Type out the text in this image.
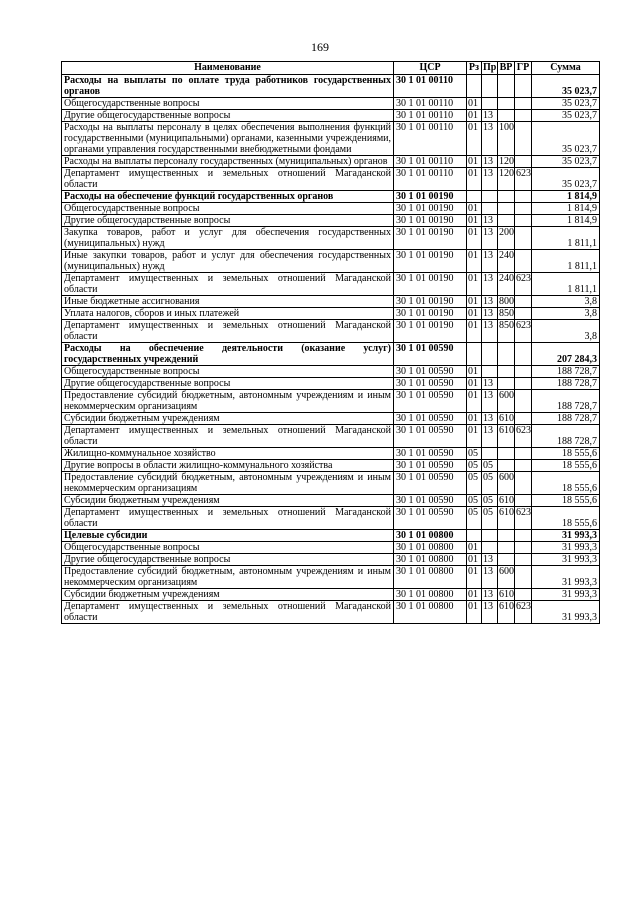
169
Наименование	ЦСР	Рз	Пр	ВР	ГР	Сумма
Расходы на выплаты по оплате труда работников государственных органов	30 1 01 00110					35 023,7
Общегосударственные вопросы	30 1 01 00110	01				35 023,7
Другие общегосударственные вопросы	30 1 01 00110	01	13			35 023,7
Расходы на выплаты персоналу в целях обеспечения выполнения функций государственными (муниципальными) органами, казенными учреждениями, органами управления государственными внебюджетными фондами	30 1 01 00110	01	13	100		35 023,7
Расходы на выплаты персоналу государственных (муниципальных) органов	30 1 01 00110	01	13	120		35 023,7
Департамент имущественных и земельных отношений Магаданской области	30 1 01 00110	01	13	120	623	35 023,7
Расходы на обеспечение функций государственных органов	30 1 01 00190					1 814,9
Общегосударственные вопросы	30 1 01 00190	01				1 814,9
Другие общегосударственные вопросы	30 1 01 00190	01	13			1 814,9
Закупка товаров, работ и услуг для обеспечения государственных (муниципальных) нужд	30 1 01 00190	01	13	200		1 811,1
Иные закупки товаров, работ и услуг для обеспечения государственных (муниципальных) нужд	30 1 01 00190	01	13	240		1 811,1
Департамент имущественных и земельных отношений Магаданской области	30 1 01 00190	01	13	240	623	1 811,1
Иные бюджетные ассигнования	30 1 01 00190	01	13	800		3,8
Уплата налогов, сборов и иных платежей	30 1 01 00190	01	13	850		3,8
Департамент имущественных и земельных отношений Магаданской области	30 1 01 00190	01	13	850	623	3,8
Расходы на обеспечение деятельности (оказание услуг) государственных учреждений	30 1 01 00590					207 284,3
Общегосударственные вопросы	30 1 01 00590	01				188 728,7
Другие общегосударственные вопросы	30 1 01 00590	01	13			188 728,7
Предоставление субсидий бюджетным, автономным учреждениям и иным некоммерческим организациям	30 1 01 00590	01	13	600		188 728,7
Субсидии бюджетным учреждениям	30 1 01 00590	01	13	610		188 728,7
Департамент имущественных и земельных отношений Магаданской области	30 1 01 00590	01	13	610	623	188 728,7
Жилищно-коммунальное хозяйство	30 1 01 00590	05				18 555,6
Другие вопросы в области жилищно-коммунального хозяйства	30 1 01 00590	05	05			18 555,6
Предоставление субсидий бюджетным, автономным учреждениям и иным некоммерческим организациям	30 1 01 00590	05	05	600		18 555,6
Субсидии бюджетным учреждениям	30 1 01 00590	05	05	610		18 555,6
Департамент имущественных и земельных отношений Магаданской области	30 1 01 00590	05	05	610	623	18 555,6
Целевые субсидии	30 1 01 00800					31 993,3
Общегосударственные вопросы	30 1 01 00800	01				31 993,3
Другие общегосударственные вопросы	30 1 01 00800	01	13			31 993,3
Предоставление субсидий бюджетным, автономным учреждениям и иным некоммерческим организациям	30 1 01 00800	01	13	600		31 993,3
Субсидии бюджетным учреждениям	30 1 01 00800	01	13	610		31 993,3
Департамент имущественных и земельных отношений Магаданской области	30 1 01 00800	01	13	610	623	31 993,3
